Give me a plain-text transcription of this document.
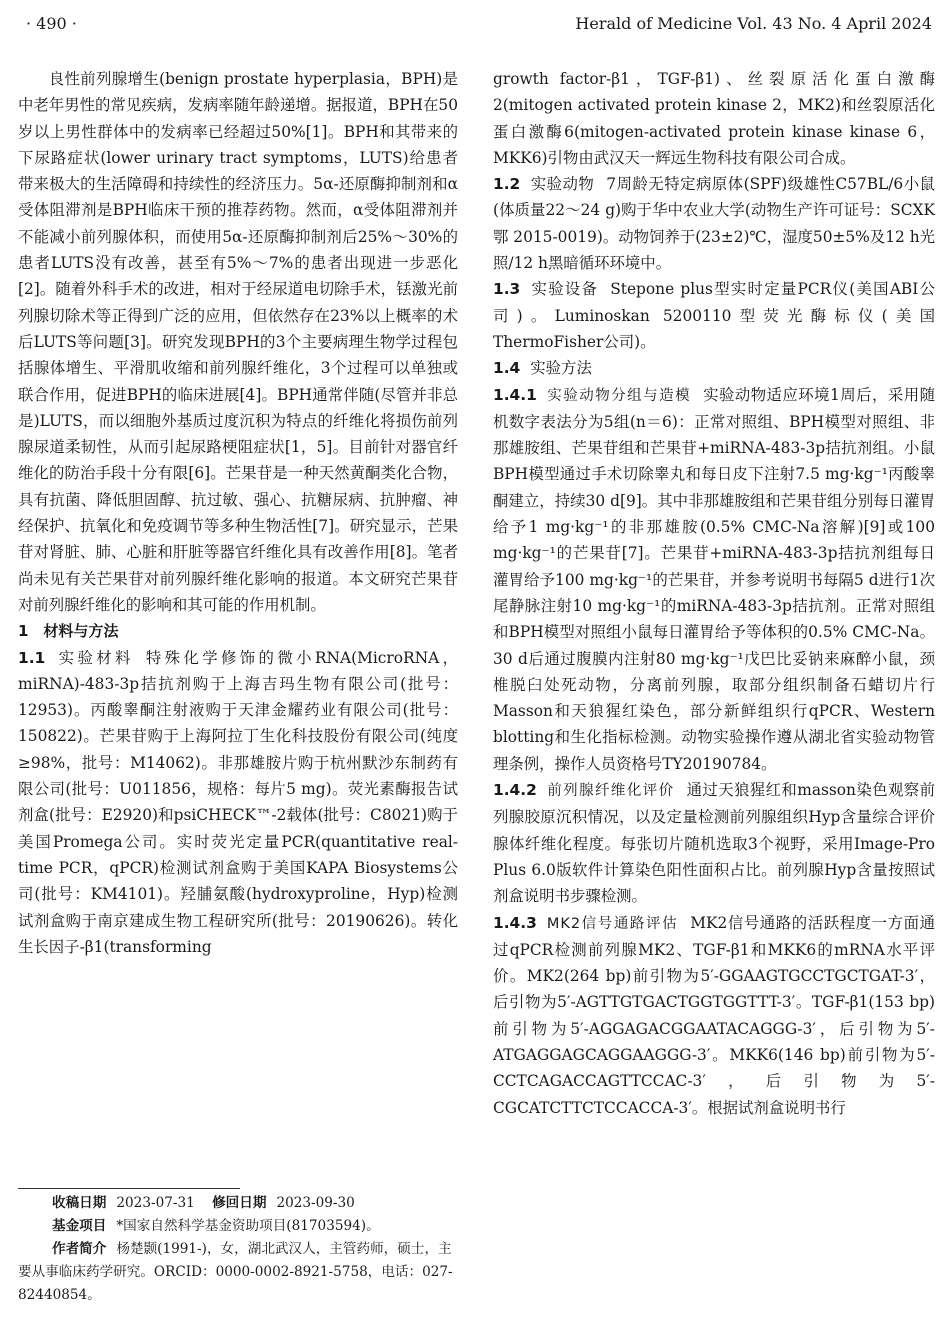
· 490 ·	Herald of Medicine Vol. 43 No. 4 April 2024

良性前列腺增生(benign prostate hyperplasia，BPH)是中老年男性的常见疾病，发病率随年龄递增。据报道，BPH在50岁以上男性群体中的发病率已经超过50%[1]。BPH和其带来的下尿路症状(lower urinary tract symptoms，LUTS)给患者带来极大的生活障碍和持续性的经济压力。5α-还原酶抑制剂和α受体阻滞剂是BPH临床干预的推荐药物。然而，α受体阻滞剂并不能减小前列腺体积，而使用5α-还原酶抑制剂后25%～30%的患者LUTS没有改善，甚至有5%～7%的患者出现进一步恶化[2]。随着外科手术的改进，相对于经尿道电切除手术，铥激光前列腺切除术等正得到广泛的应用，但依然存在23%以上概率的术后LUTS等问题[3]。研究发现BPH的3个主要病理生物学过程包括腺体增生、平滑肌收缩和前列腺纤维化，3个过程可以单独或联合作用，促进BPH的临床进展[4]。BPH通常伴随(尽管并非总是)LUTS，而以细胞外基质过度沉积为特点的纤维化将损伤前列腺尿道柔韧性，从而引起尿路梗阻症状[1，5]。目前针对器官纤维化的防治手段十分有限[6]。芒果苷是一种天然黄酮类化合物，具有抗菌、降低胆固醇、抗过敏、强心、抗糖尿病、抗肿瘤、神经保护、抗氧化和免疫调节等多种生物活性[7]。研究显示，芒果苷对肾脏、肺、心脏和肝脏等器官纤维化具有改善作用[8]。笔者尚未见有关芒果苷对前列腺纤维化影响的报道。本文研究芒果苷对前列腺纤维化的影响和其可能的作用机制。

1　材料与方法

1.1 实验材料 特殊化学修饰的微小RNA(MicroRNA，miRNA)-483-3p拮抗剂购于上海吉玛生物有限公司(批号：12953)。丙酸睾酮注射液购于天津金耀药业有限公司(批号：150822)。芒果苷购于上海阿拉丁生化科技股份有限公司(纯度≥98%，批号：M14062)。非那雄胺片购于杭州默沙东制药有限公司(批号：U011856，规格：每片5 mg)。荧光素酶报告试剂盒(批号：E2920)和psiCHECK™-2载体(批号：C8021)购于美国Promega公司。实时荧光定量PCR(quantitative real-time PCR，qPCR)检测试剂盒购于美国KAPA Biosystems公司(批号：KM4101)。羟脯氨酸(hydroxyproline，Hyp)检测试剂盒购于南京建成生物工程研究所(批号：20190626)。转化生长因子-β1(transforming

growth factor-β1，TGF-β1)、丝裂原活化蛋白激酶2(mitogen activated protein kinase 2，MK2)和丝裂原活化蛋白激酶6(mitogen-activated protein kinase kinase 6，MKK6)引物由武汉天一辉远生物科技有限公司合成。

1.2 实验动物 7周龄无特定病原体(SPF)级雄性C57BL/6小鼠(体质量22～24 g)购于华中农业大学(动物生产许可证号：SCXK 鄂 2015-0019)。动物饲养于(23±2)℃，湿度50±5%及12 h光照/12 h黑暗循环环境中。

1.3 实验设备 Stepone plus型实时定量PCR仪(美国ABI公司)。Luminoskan 5200110型荧光酶标仪(美国ThermoFisher公司)。

1.4 实验方法

1.4.1 实验动物分组与造模 实验动物适应环境1周后，采用随机数字表法分为5组(n＝6)：正常对照组、BPH模型对照组、非那雄胺组、芒果苷组和芒果苷+miRNA-483-3p拮抗剂组。小鼠BPH模型通过手术切除睾丸和每日皮下注射7.5 mg·kg⁻¹丙酸睾酮建立，持续30 d[9]。其中非那雄胺组和芒果苷组分别每日灌胃给予1 mg·kg⁻¹的非那雄胺(0.5% CMC-Na溶解)[9]或100 mg·kg⁻¹的芒果苷[7]。芒果苷+miRNA-483-3p拮抗剂组每日灌胃给予100 mg·kg⁻¹的芒果苷，并参考说明书每隔5 d进行1次尾静脉注射10 mg·kg⁻¹的miRNA-483-3p拮抗剂。正常对照组和BPH模型对照组小鼠每日灌胃给予等体积的0.5% CMC-Na。30 d后通过腹膜内注射80 mg·kg⁻¹戊巴比妥钠来麻醉小鼠，颈椎脱臼处死动物，分离前列腺，取部分组织制备石蜡切片行Masson和天狼猩红染色，部分新鲜组织行qPCR、Western blotting和生化指标检测。动物实验操作遵从湖北省实验动物管理条例，操作人员资格号TY20190784。

1.4.2 前列腺纤维化评价 通过天狼猩红和masson染色观察前列腺胶原沉积情况，以及定量检测前列腺组织Hyp含量综合评价腺体纤维化程度。每张切片随机选取3个视野，采用Image-Pro Plus 6.0版软件计算染色阳性面积占比。前列腺Hyp含量按照试剂盒说明书步骤检测。

1.4.3 MK2信号通路评估 MK2信号通路的活跃程度一方面通过qPCR检测前列腺MK2、TGF-β1和MKK6的mRNA水平评价。MK2(264 bp)前引物为5′-GGAAGTGCCTGCTGAT-3′，后引物为5′-AGTTGTGACTGGTGGTTT-3′。TGF-β1(153 bp)前引物为5′-AGGAGACGGAATACAGGG-3′，后引物为5′-ATGAGGAGCAGGAAGGG-3′。MKK6(146 bp)前引物为5′-CCTCAGACCAGTTCCAC-3′，后引物为5′-CGCATCTTCTCCACCA-3′。根据试剂盒说明书行

收稿日期 2023-07-31 修回日期 2023-09-30

基金项目 *国家自然科学基金资助项目(81703594)。

作者简介 杨楚颢(1991-)，女，湖北武汉人，主管药师，硕士，主要从事临床药学研究。ORCID：0000-0002-8921-5758，电话：027-82440854。
